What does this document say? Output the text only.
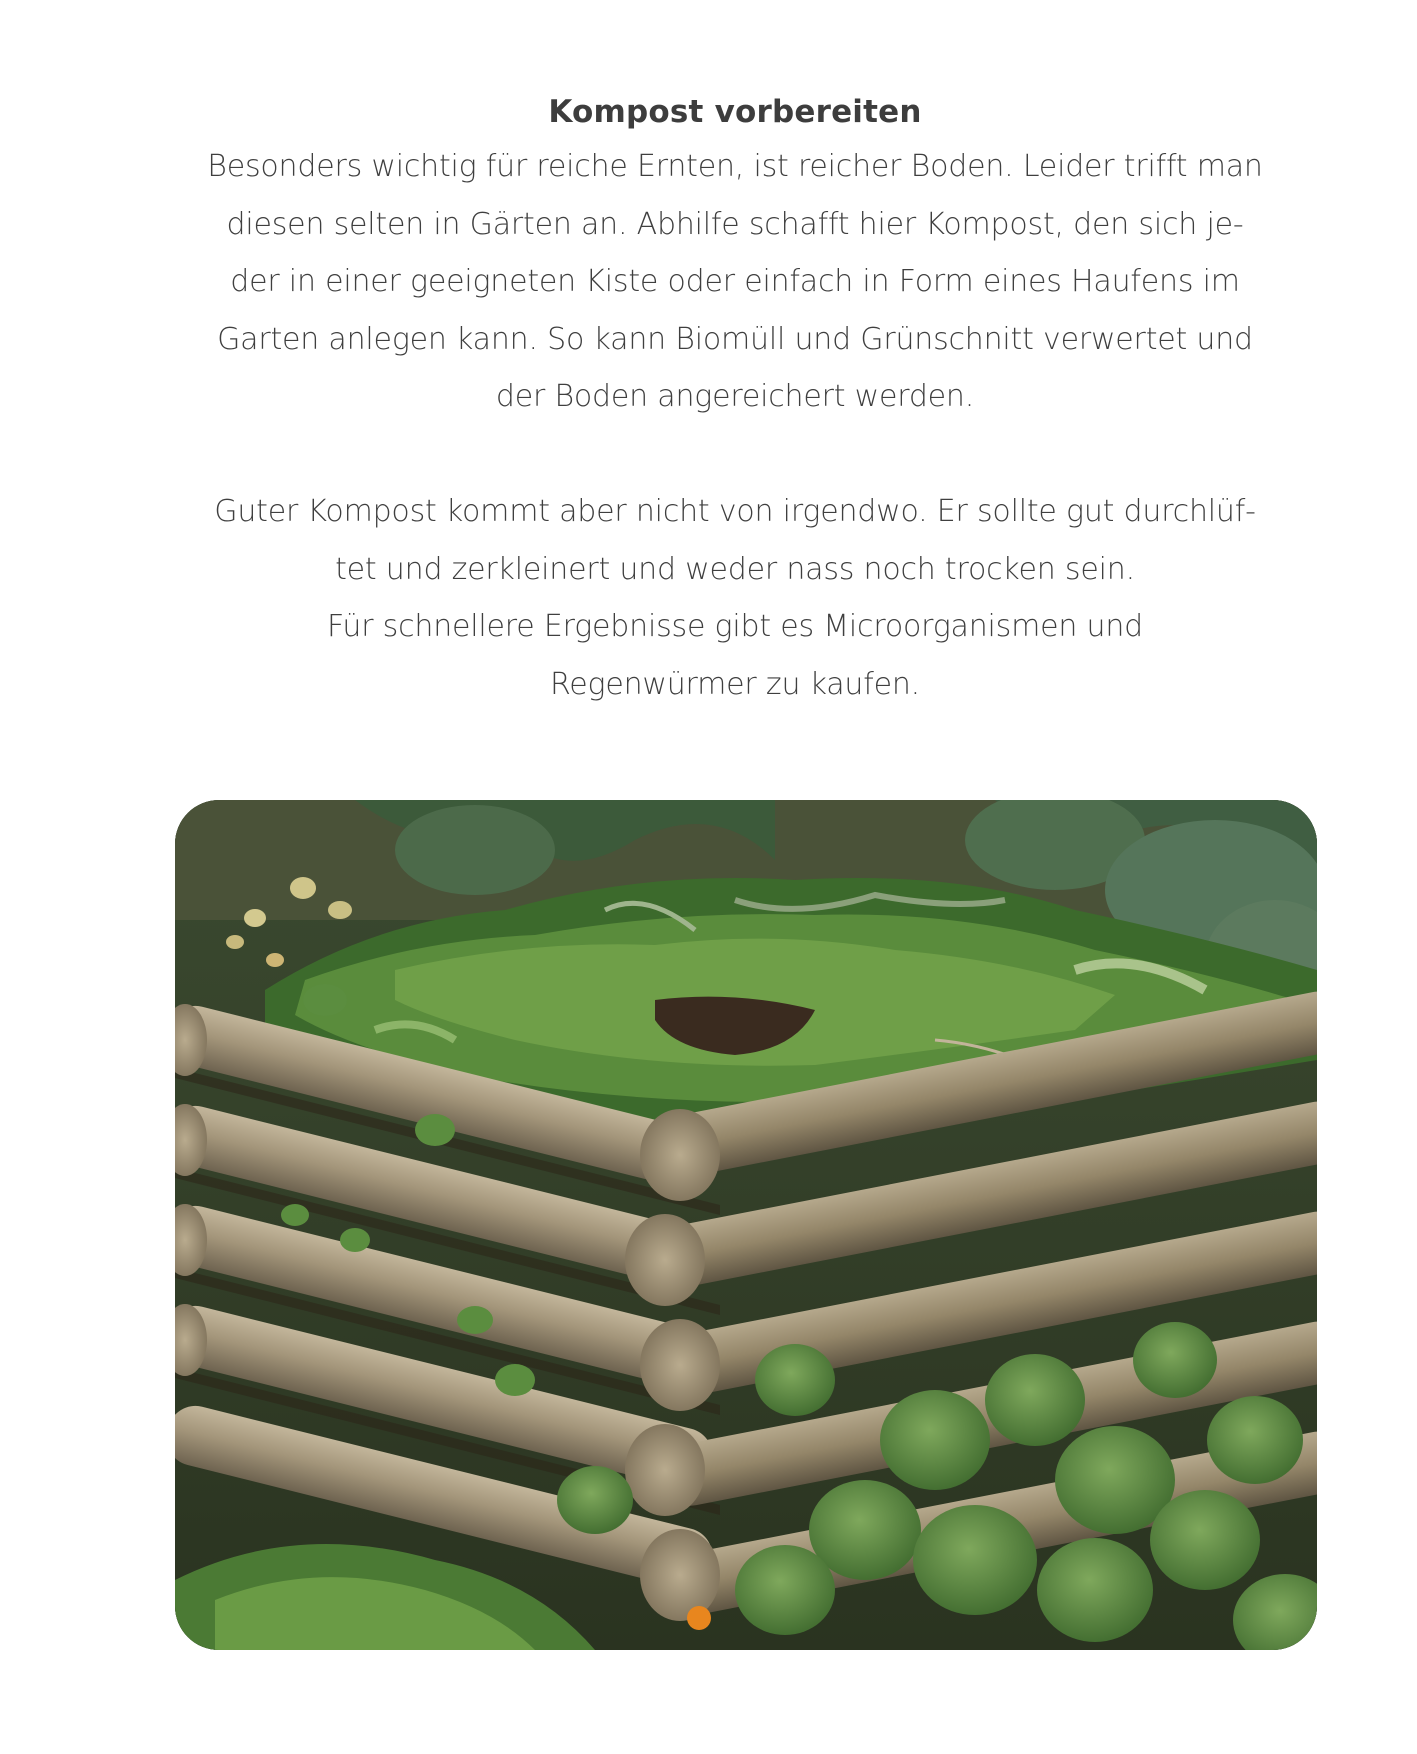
Kompost vorbereiten
Besonders wichtig für reiche Ernten, ist reicher Boden. Leider trifft man
diesen selten in Gärten an. Abhilfe schafft hier Kompost, den sich je-
der in einer geeigneten Kiste oder einfach in Form eines Haufens im
Garten anlegen kann. So kann Biomüll und Grünschnitt verwertet und
der Boden angereichert werden.
Guter Kompost kommt aber nicht von irgendwo. Er sollte gut durchlüf-
tet und zerkleinert und weder nass noch trocken sein.
Für schnellere Ergebnisse gibt es Microorganismen und
Regenwürmer zu kaufen.
